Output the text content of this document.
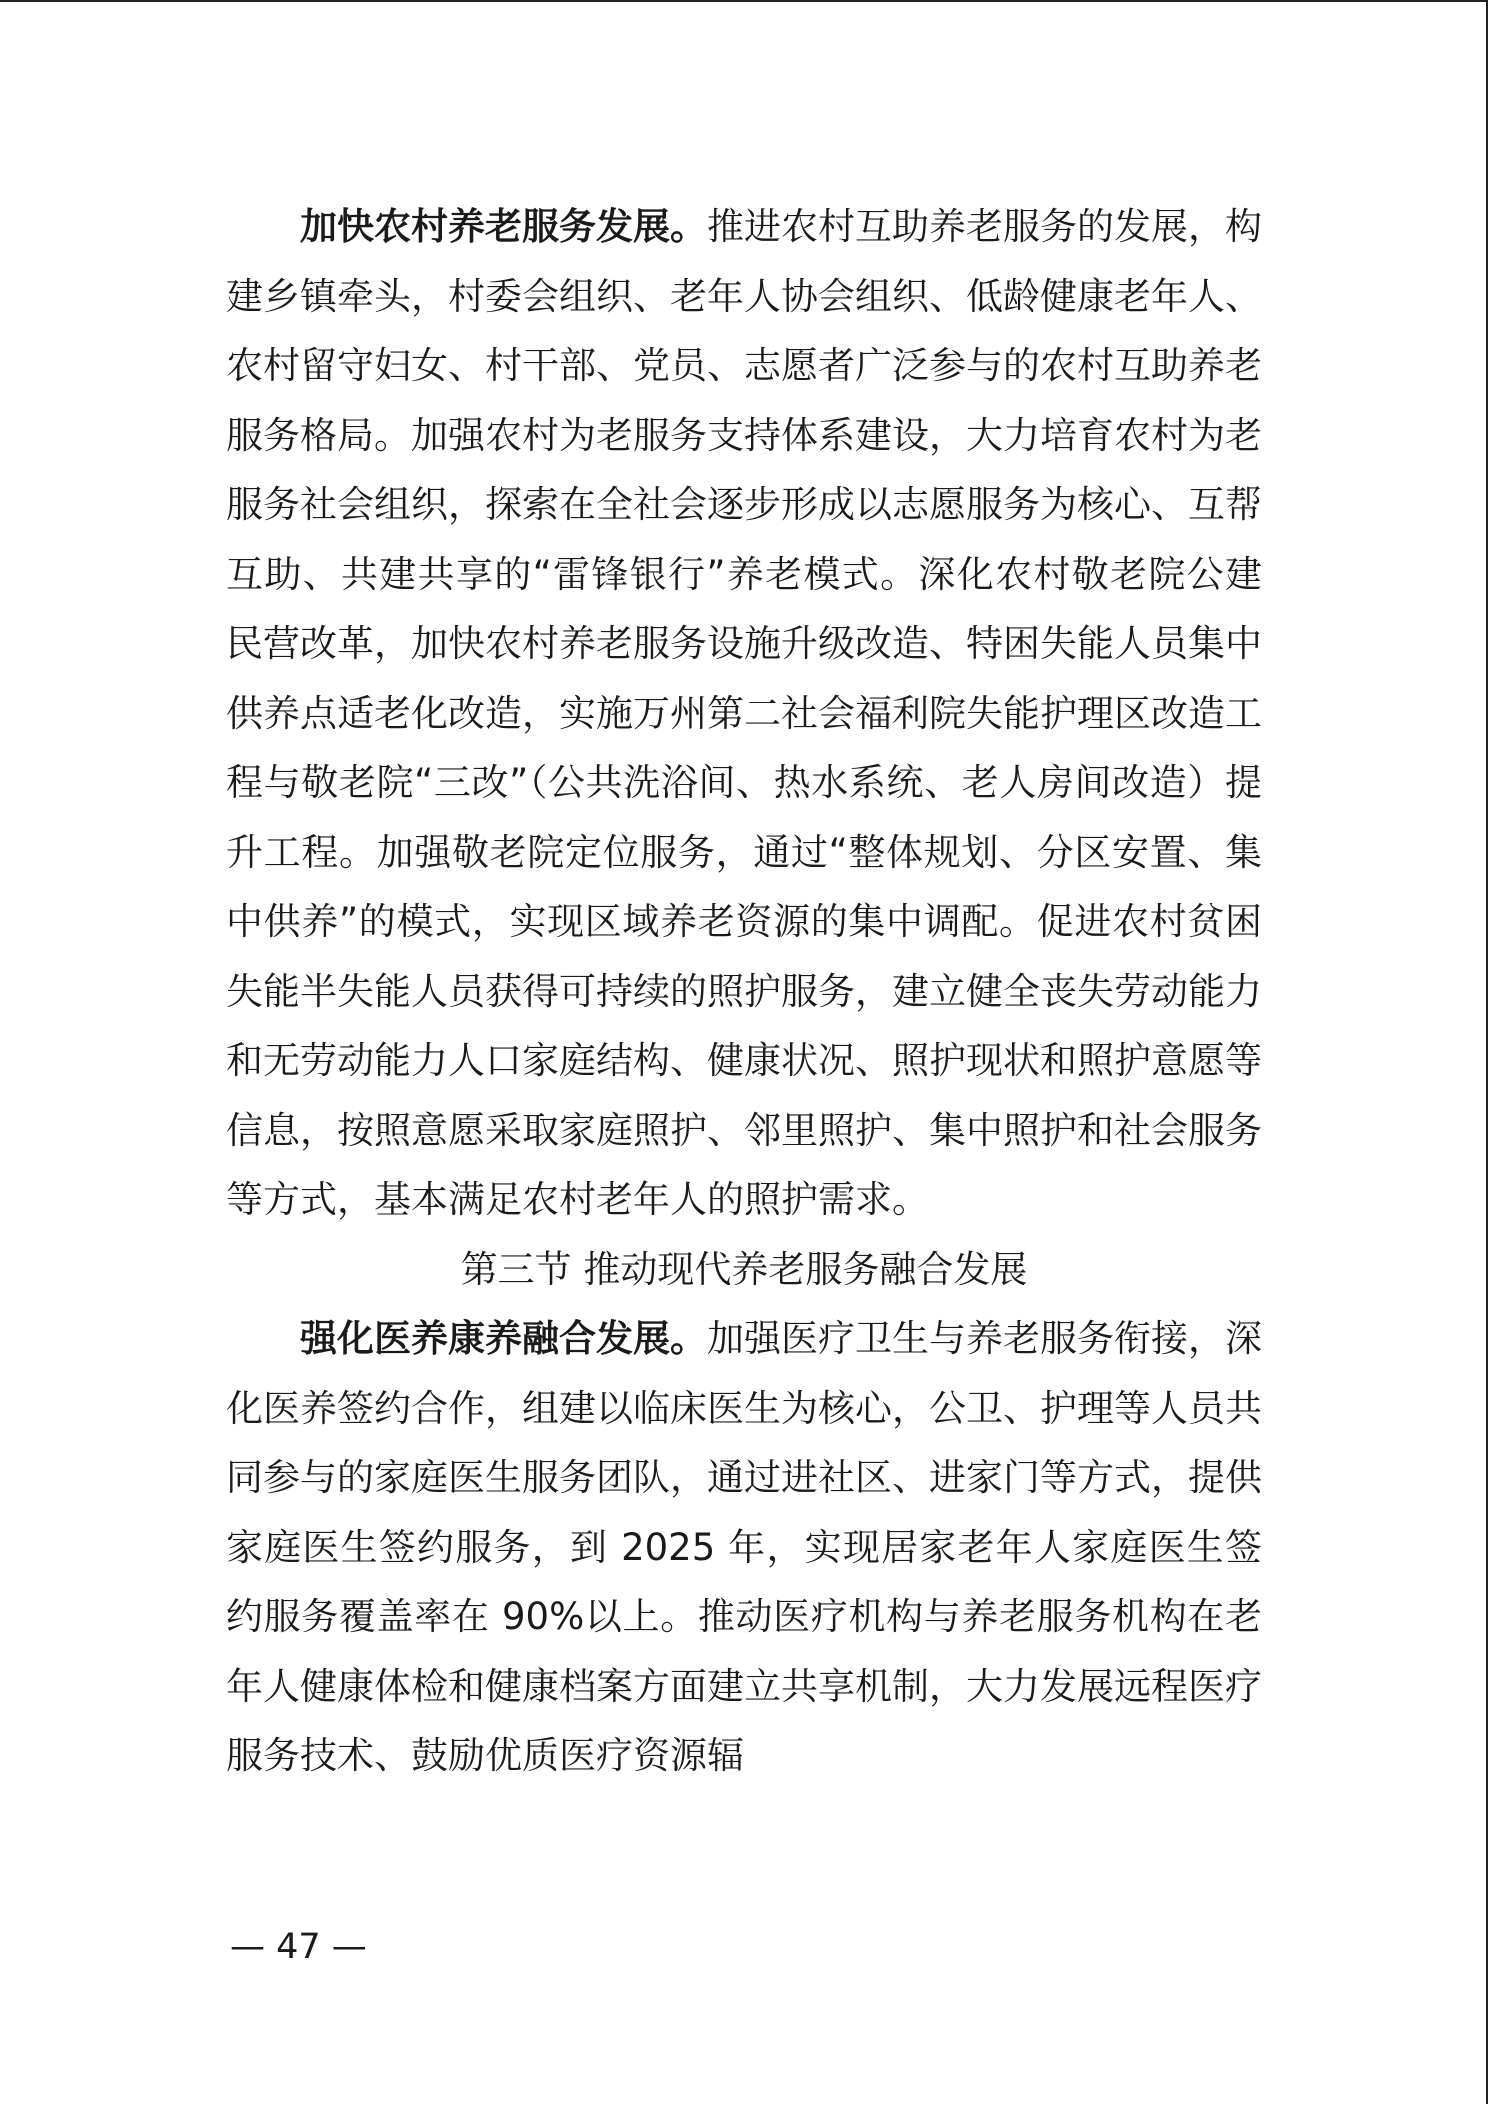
加快农村养老服务发展。推进农村互助养老服务的发展，构建乡镇牵头，村委会组织、老年人协会组织、低龄健康老年人、农村留守妇女、村干部、党员、志愿者广泛参与的农村互助养老服务格局。加强农村为老服务支持体系建设，大力培育农村为老服务社会组织，探索在全社会逐步形成以志愿服务为核心、互帮互助、共建共享的“雷锋银行”养老模式。深化农村敬老院公建民营改革，加快农村养老服务设施升级改造、特困失能人员集中供养点适老化改造，实施万州第二社会福利院失能护理区改造工程与敬老院“三改”（公共洗浴间、热水系统、老人房间改造）提升工程。加强敬老院定位服务，通过“整体规划、分区安置、集中供养”的模式，实现区域养老资源的集中调配。促进农村贫困失能半失能人员获得可持续的照护服务，建立健全丧失劳动能力和无劳动能力人口家庭结构、健康状况、照护现状和照护意愿等信息，按照意愿采取家庭照护、邻里照护、集中照护和社会服务等方式，基本满足农村老年人的照护需求。

第三节 推动现代养老服务融合发展

强化医养康养融合发展。加强医疗卫生与养老服务衔接，深化医养签约合作，组建以临床医生为核心，公卫、护理等人员共同参与的家庭医生服务团队，通过进社区、进家门等方式，提供家庭医生签约服务，到 2025 年，实现居家老年人家庭医生签约服务覆盖率在 90%以上。推动医疗机构与养老服务机构在老年人健康体检和健康档案方面建立共享机制，大力发展远程医疗服务技术、鼓励优质医疗资源辐

— 47 —
